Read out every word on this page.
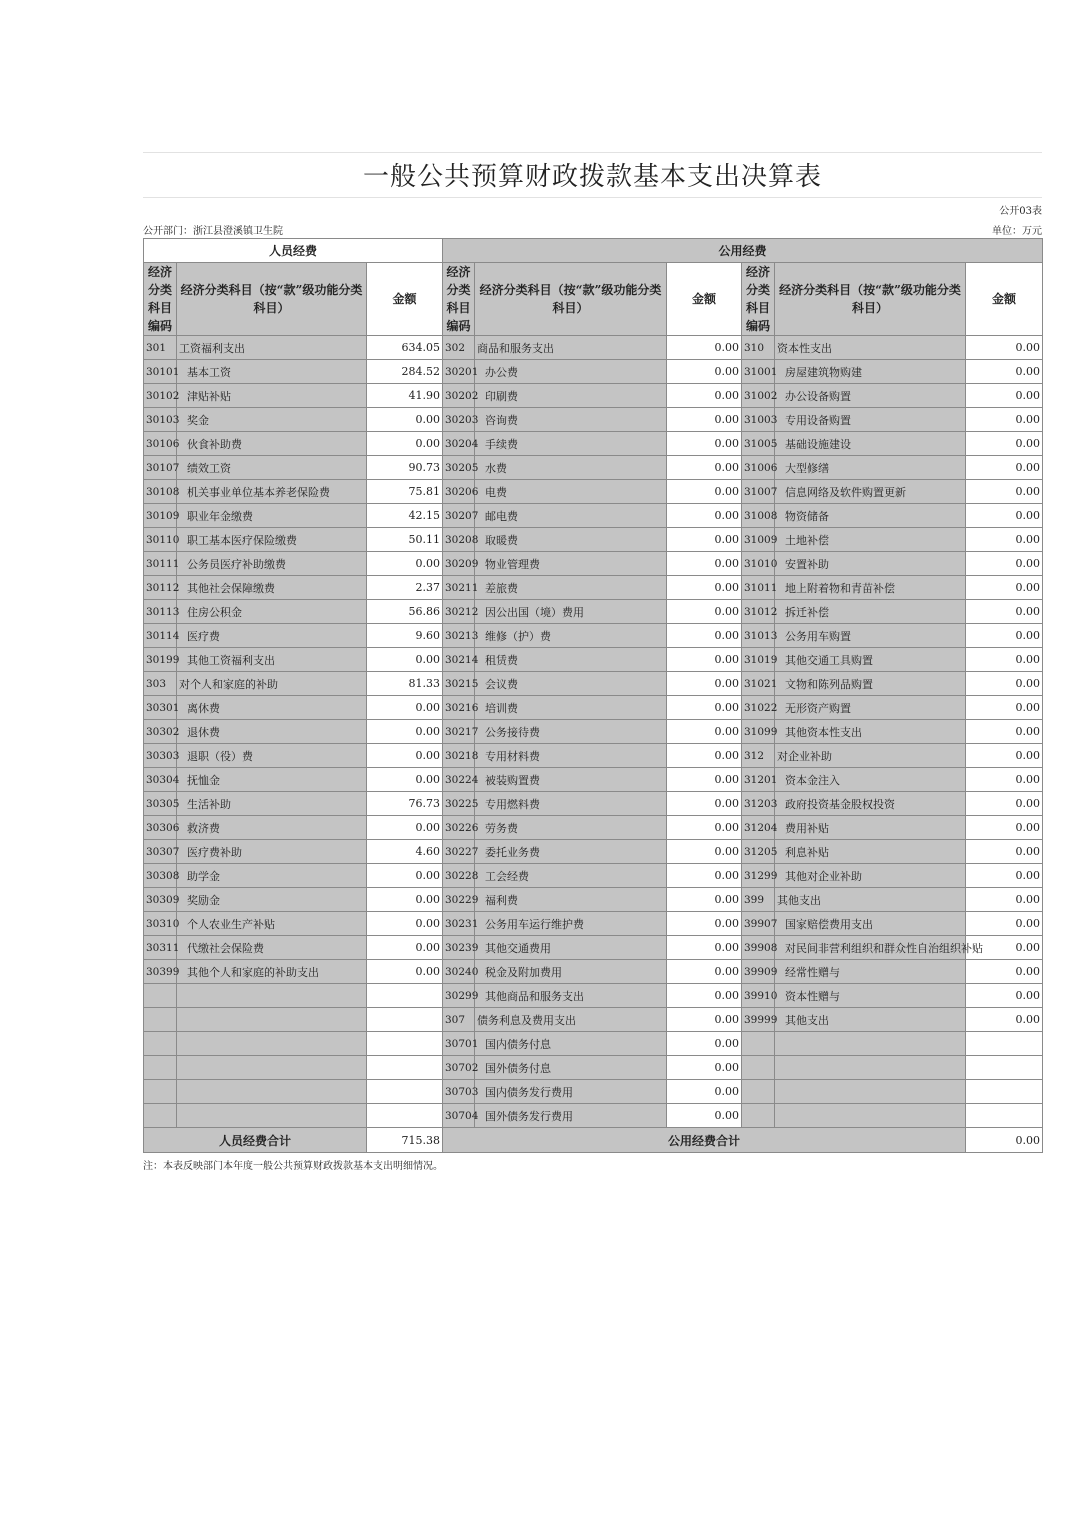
一般公共预算财政拨款基本支出决算表
公开03表
公开部门：浙江县澄溪镇卫生院	单位：万元
人员经费			公用经费					
经济分类科目编码	经济分类科目（按“款”级功能分类科目）	金额	经济分类科目编码	经济分类科目（按“款”级功能分类科目）	金额	经济分类科目编码	经济分类科目（按“款”级功能分类科目）	金额
301	工资福利支出	634.05	302	商品和服务支出	0.00	310	资本性支出	0.00
30101	基本工资	284.52	30201	办公费	0.00	31001	房屋建筑物购建	0.00
30102	津贴补贴	41.90	30202	印刷费	0.00	31002	办公设备购置	0.00
30103	奖金	0.00	30203	咨询费	0.00	31003	专用设备购置	0.00
30106	伙食补助费	0.00	30204	手续费	0.00	31005	基础设施建设	0.00
30107	绩效工资	90.73	30205	水费	0.00	31006	大型修缮	0.00
30108	机关事业单位基本养老保险费	75.81	30206	电费	0.00	31007	信息网络及软件购置更新	0.00
30109	职业年金缴费	42.15	30207	邮电费	0.00	31008	物资储备	0.00
30110	职工基本医疗保险缴费	50.11	30208	取暖费	0.00	31009	土地补偿	0.00
30111	公务员医疗补助缴费	0.00	30209	物业管理费	0.00	31010	安置补助	0.00
30112	其他社会保障缴费	2.37	30211	差旅费	0.00	31011	地上附着物和青苗补偿	0.00
30113	住房公积金	56.86	30212	因公出国（境）费用	0.00	31012	拆迁补偿	0.00
30114	医疗费	9.60	30213	维修（护）费	0.00	31013	公务用车购置	0.00
30199	其他工资福利支出	0.00	30214	租赁费	0.00	31019	其他交通工具购置	0.00
303	对个人和家庭的补助	81.33	30215	会议费	0.00	31021	文物和陈列品购置	0.00
30301	离休费	0.00	30216	培训费	0.00	31022	无形资产购置	0.00
30302	退休费	0.00	30217	公务接待费	0.00	31099	其他资本性支出	0.00
30303	退职（役）费	0.00	30218	专用材料费	0.00	312	对企业补助	0.00
30304	抚恤金	0.00	30224	被装购置费	0.00	31201	资本金注入	0.00
30305	生活补助	76.73	30225	专用燃料费	0.00	31203	政府投资基金股权投资	0.00
30306	救济费	0.00	30226	劳务费	0.00	31204	费用补贴	0.00
30307	医疗费补助	4.60	30227	委托业务费	0.00	31205	利息补贴	0.00
30308	助学金	0.00	30228	工会经费	0.00	31299	其他对企业补助	0.00
30309	奖励金	0.00	30229	福利费	0.00	399	其他支出	0.00
30310	个人农业生产补贴	0.00	30231	公务用车运行维护费	0.00	39907	国家赔偿费用支出	0.00
30311	代缴社会保险费	0.00	30239	其他交通费用	0.00	39908	对民间非营利组织和群众性自治组织补贴	0.00
30399	其他个人和家庭的补助支出	0.00	30240	税金及附加费用	0.00	39909	经常性赠与	0.00
			30299	其他商品和服务支出	0.00	39910	资本性赠与	0.00
			307	债务利息及费用支出	0.00	39999	其他支出	0.00
			30701	国内债务付息	0.00			
			30702	国外债务付息	0.00			
			30703	国内债务发行费用	0.00			
			30704	国外债务发行费用	0.00			
人员经费合计		715.38	公用经费合计					0.00
注：本表反映部门本年度一般公共预算财政拨款基本支出明细情况。
